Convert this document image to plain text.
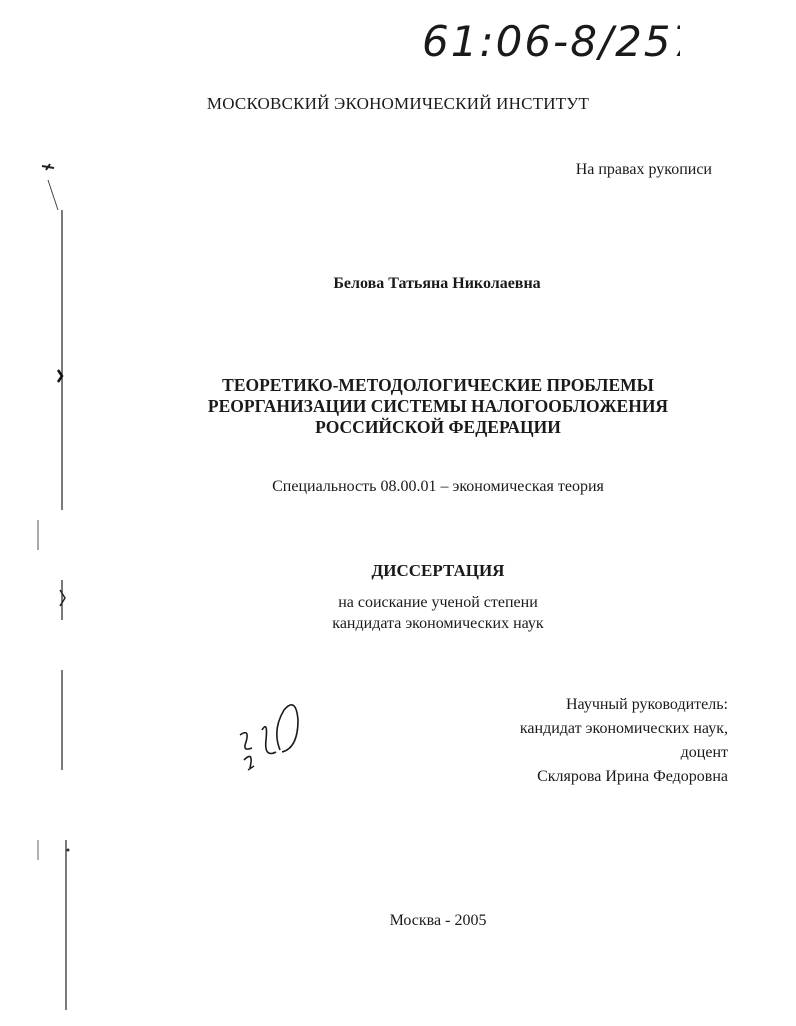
61:06-8/257
МОСКОВСКИЙ ЭКОНОМИЧЕСКИЙ ИНСТИТУТ
На правах рукописи
Белова Татьяна Николаевна
ТЕОРЕТИКО-МЕТОДОЛОГИЧЕСКИЕ ПРОБЛЕМЫ
РЕОРГАНИЗАЦИИ СИСТЕМЫ НАЛОГООБЛОЖЕНИЯ
РОССИЙСКОЙ ФЕДЕРАЦИИ
Специальность 08.00.01 – экономическая теория
ДИССЕРТАЦИЯ
на соискание ученой степени
кандидата экономических наук
Научный руководитель:
кандидат экономических наук,
доцент
Склярова Ирина Федоровна
Москва - 2005
